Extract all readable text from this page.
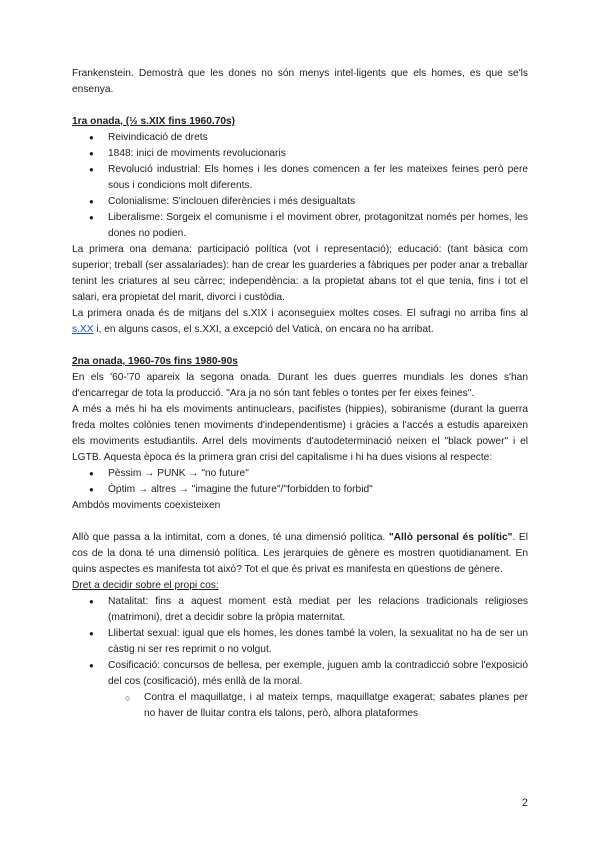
Frankenstein. Demostrà que les dones no són menys intel·ligents que els homes, es que se'ls ensenya.

1ra onada, (½ s.XIX fins 1960.70s)
● Reivindicació de drets
● 1848: inici de moviments revolucionaris
● Revolució industrial: Els homes i les dones comencen a fer les mateixes feines però pere sous i condicions molt diferents.
● Colonialisme: S'inclouen diferències i més desigualtats
● Liberalisme: Sorgeix el comunisme i el moviment obrer, protagonitzat només per homes, les dones no podien.

La primera ona demana: participació política (vot i representació); educació: (tant bàsica com superior; treball (ser assalariades): han de crear les guarderies a fàbriques per poder anar a treballar tenint les criatures al seu càrrec; independència: a la propietat abans tot el que tenia, fins i tot el salari, era propietat del marit, divorci i custòdia.

La primera onada és de mitjans del s.XIX i aconseguiex moltes coses. El sufragi no arriba fins al s.XX i, en alguns casos, el s.XXI, a excepció del Vaticà, on encara no ha arribat.

2na onada, 1960-70s fins 1980-90s

En els '60-'70 apareix la segona onada. Durant les dues guerres mundials les dones s'han d'encarregar de tota la producció. "Ara ja no són tant febles o tontes per fer eixes feines".

A més a més hi ha els moviments antinuclears, pacifistes (hippies), sobiranisme (durant la guerra freda moltes colònies tenen moviments d'independentisme) i gràcies a l'accés a estudis apareixen els moviments estudiantils. Arrel dels moviments d'autodeterminació neixen el "black power" i el LGTB. Aquesta època és la primera gran crisi del capitalisme i hi ha dues visions al respecte:

● Pèssim → PUNK → "no future"
● Òptim → altres → "imagine the future"/"forbidden to forbid"

Ambdós moviments coexisteixen

Allò que passa a la intimitat, com a dones, té una dimensió política. "Allò personal és polític". El cos de la dona té una dimensió política. Les jerarquies de gènere es mostren quotidianament. En quins aspectes es manifesta tot això? Tot el que és privat es manifesta en qüestions de gènere.

Dret a decidir sobre el propi cos:

● Natalitat: fins a aquest moment està mediat per les relacions tradicionals religioses (matrimoni), dret a decidir sobre la pròpia maternitat.
● Llibertat sexual: igual que els homes, les dones també la volen, la sexualitat no ha de ser un càstig ni ser res reprimit o no volgut.
● Cosificació: concursos de bellesa, per exemple, juguen amb la contradicció sobre l'exposició del cos (cosificació), més enllà de la moral.
○ Contra el maquillatge, i al mateix temps, maquillatge exagerat; sabates planes per no haver de lluitar contra els talons, però, alhora plataformes
2
